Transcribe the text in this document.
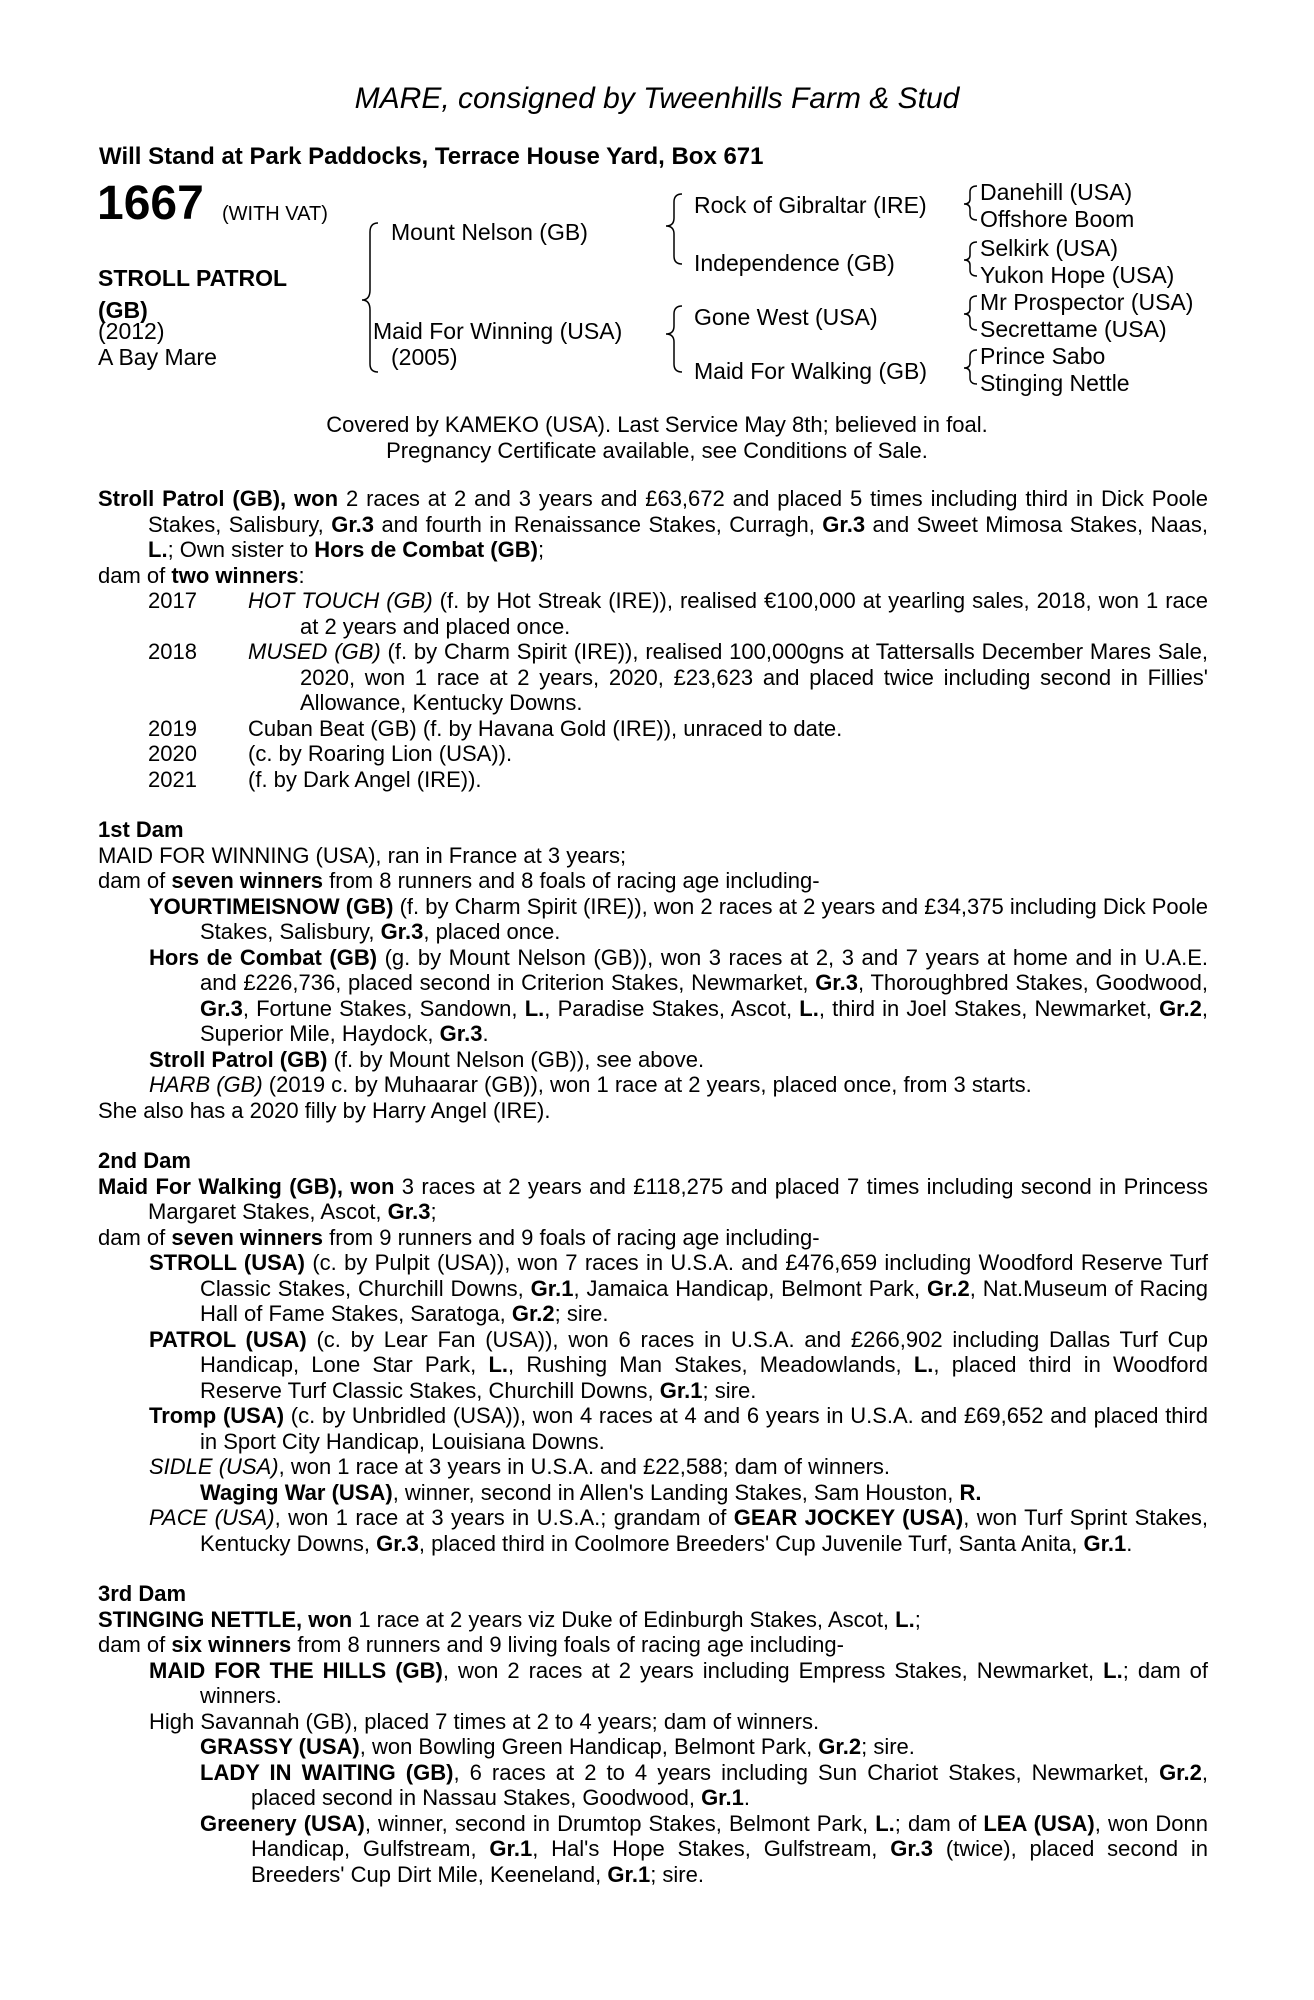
MARE, consigned by Tweenhills Farm & Stud
Will Stand at Park Paddocks, Terrace House Yard, Box 671
1667 (WITH VAT)
STROLL PATROL
(GB)
(2012)
A Bay Mare
Mount Nelson (GB)
Maid For Winning (USA)
(2005)
Rock of Gibraltar (IRE)
Independence (GB)
Gone West (USA)
Maid For Walking (GB)
Danehill (USA)
Offshore Boom
Selkirk (USA)
Yukon Hope (USA)
Mr Prospector (USA)
Secrettame (USA)
Prince Sabo
Stinging Nettle
Covered by KAMEKO (USA). Last Service May 8th; believed in foal.
Pregnancy Certificate available, see Conditions of Sale.

Stroll Patrol (GB), won 2 races at 2 and 3 years and £63,672 and placed 5 times including third in Dick Poole Stakes, Salisbury, Gr.3 and fourth in Renaissance Stakes, Curragh, Gr.3 and Sweet Mimosa Stakes, Naas, L.; Own sister to Hors de Combat (GB);

dam of two winners:

2017	HOT TOUCH (GB) (f. by Hot Streak (IRE)), realised €100,000 at yearling sales, 2018, won 1 race at 2 years and placed once.
2018	MUSED (GB) (f. by Charm Spirit (IRE)), realised 100,000gns at Tattersalls December Mares Sale, 2020, won 1 race at 2 years, 2020, £23,623 and placed twice including second in Fillies' Allowance, Kentucky Downs.
2019	Cuban Beat (GB) (f. by Havana Gold (IRE)), unraced to date.
2020	(c. by Roaring Lion (USA)).
2021	(f. by Dark Angel (IRE)).

1st Dam

MAID FOR WINNING (USA), ran in France at 3 years;

dam of seven winners from 8 runners and 8 foals of racing age including-

YOURTIMEISNOW (GB) (f. by Charm Spirit (IRE)), won 2 races at 2 years and £34,375 including Dick Poole Stakes, Salisbury, Gr.3, placed once.

Hors de Combat (GB) (g. by Mount Nelson (GB)), won 3 races at 2, 3 and 7 years at home and in U.A.E. and £226,736, placed second in Criterion Stakes, Newmarket, Gr.3, Thoroughbred Stakes, Goodwood, Gr.3, Fortune Stakes, Sandown, L., Paradise Stakes, Ascot, L., third in Joel Stakes, Newmarket, Gr.2, Superior Mile, Haydock, Gr.3.

Stroll Patrol (GB) (f. by Mount Nelson (GB)), see above.

HARB (GB) (2019 c. by Muhaarar (GB)), won 1 race at 2 years, placed once, from 3 starts.

She also has a 2020 filly by Harry Angel (IRE).

2nd Dam

Maid For Walking (GB), won 3 races at 2 years and £118,275 and placed 7 times including second in Princess Margaret Stakes, Ascot, Gr.3;

dam of seven winners from 9 runners and 9 foals of racing age including-

STROLL (USA) (c. by Pulpit (USA)), won 7 races in U.S.A. and £476,659 including Woodford Reserve Turf Classic Stakes, Churchill Downs, Gr.1, Jamaica Handicap, Belmont Park, Gr.2, Nat.Museum of Racing Hall of Fame Stakes, Saratoga, Gr.2; sire.

PATROL (USA) (c. by Lear Fan (USA)), won 6 races in U.S.A. and £266,902 including Dallas Turf Cup Handicap, Lone Star Park, L., Rushing Man Stakes, Meadowlands, L., placed third in Woodford Reserve Turf Classic Stakes, Churchill Downs, Gr.1; sire.

Tromp (USA) (c. by Unbridled (USA)), won 4 races at 4 and 6 years in U.S.A. and £69,652 and placed third in Sport City Handicap, Louisiana Downs.

SIDLE (USA), won 1 race at 3 years in U.S.A. and £22,588; dam of winners.

Waging War (USA), winner, second in Allen's Landing Stakes, Sam Houston, R.

PACE (USA), won 1 race at 3 years in U.S.A.; grandam of GEAR JOCKEY (USA), won Turf Sprint Stakes, Kentucky Downs, Gr.3, placed third in Coolmore Breeders' Cup Juvenile Turf, Santa Anita, Gr.1.

3rd Dam

STINGING NETTLE, won 1 race at 2 years viz Duke of Edinburgh Stakes, Ascot, L.;

dam of six winners from 8 runners and 9 living foals of racing age including-

MAID FOR THE HILLS (GB), won 2 races at 2 years including Empress Stakes, Newmarket, L.; dam of winners.

High Savannah (GB), placed 7 times at 2 to 4 years; dam of winners.

GRASSY (USA), won Bowling Green Handicap, Belmont Park, Gr.2; sire.

LADY IN WAITING (GB), 6 races at 2 to 4 years including Sun Chariot Stakes, Newmarket, Gr.2, placed second in Nassau Stakes, Goodwood, Gr.1.

Greenery (USA), winner, second in Drumtop Stakes, Belmont Park, L.; dam of LEA (USA), won Donn Handicap, Gulfstream, Gr.1, Hal's Hope Stakes, Gulfstream, Gr.3 (twice), placed second in Breeders' Cup Dirt Mile, Keeneland, Gr.1; sire.
